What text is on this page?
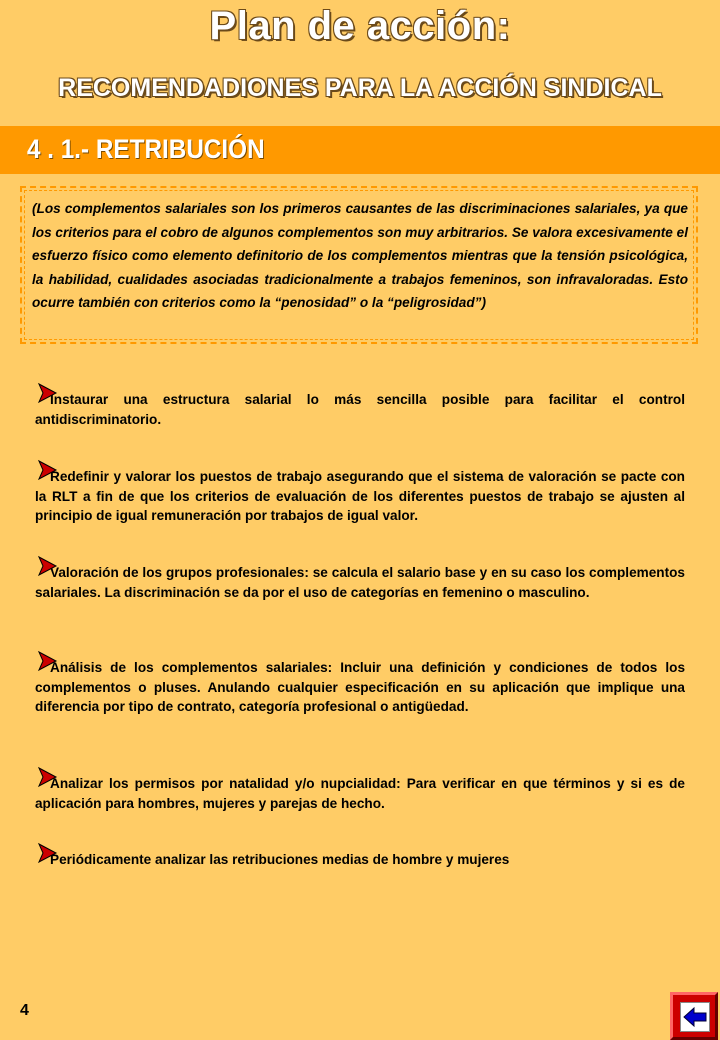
Plan de acción:
RECOMENDADIONES PARA LA ACCIÓN SINDICAL
4 . 1.- RETRIBUCIÓN
(Los complementos salariales son los primeros causantes de las discriminaciones salariales, ya que los criterios para el cobro de algunos complementos son muy arbitrarios. Se valora excesivamente el esfuerzo físico como elemento definitorio de los complementos mientras que la tensión psicológica, la habilidad, cualidades asociadas tradicionalmente a trabajos femeninos, son infravaloradas. Esto ocurre también con criterios como la “penosidad” o la “peligrosidad”)
Instaurar una estructura salarial lo más sencilla posible para facilitar el control antidiscriminatorio.
Redefinir y valorar los puestos de trabajo asegurando que el sistema de valoración se pacte con la RLT a fin de que los criterios de evaluación de los diferentes puestos de trabajo se ajusten al principio de igual remuneración por trabajos de igual valor.
Valoración de los grupos profesionales: se calcula el salario base y en su caso los complementos salariales. La discriminación se da por el uso de categorías en femenino o masculino.
Análisis de los complementos salariales: Incluir una definición y condiciones de todos los complementos o pluses. Anulando cualquier especificación en su aplicación que implique una diferencia por tipo de contrato, categoría profesional o antigüedad.
Analizar los permisos por natalidad y/o nupcialidad: Para verificar en que términos y si es de aplicación para hombres, mujeres y parejas de hecho.
Periódicamente analizar las retribuciones medias de hombre y mujeres
4
